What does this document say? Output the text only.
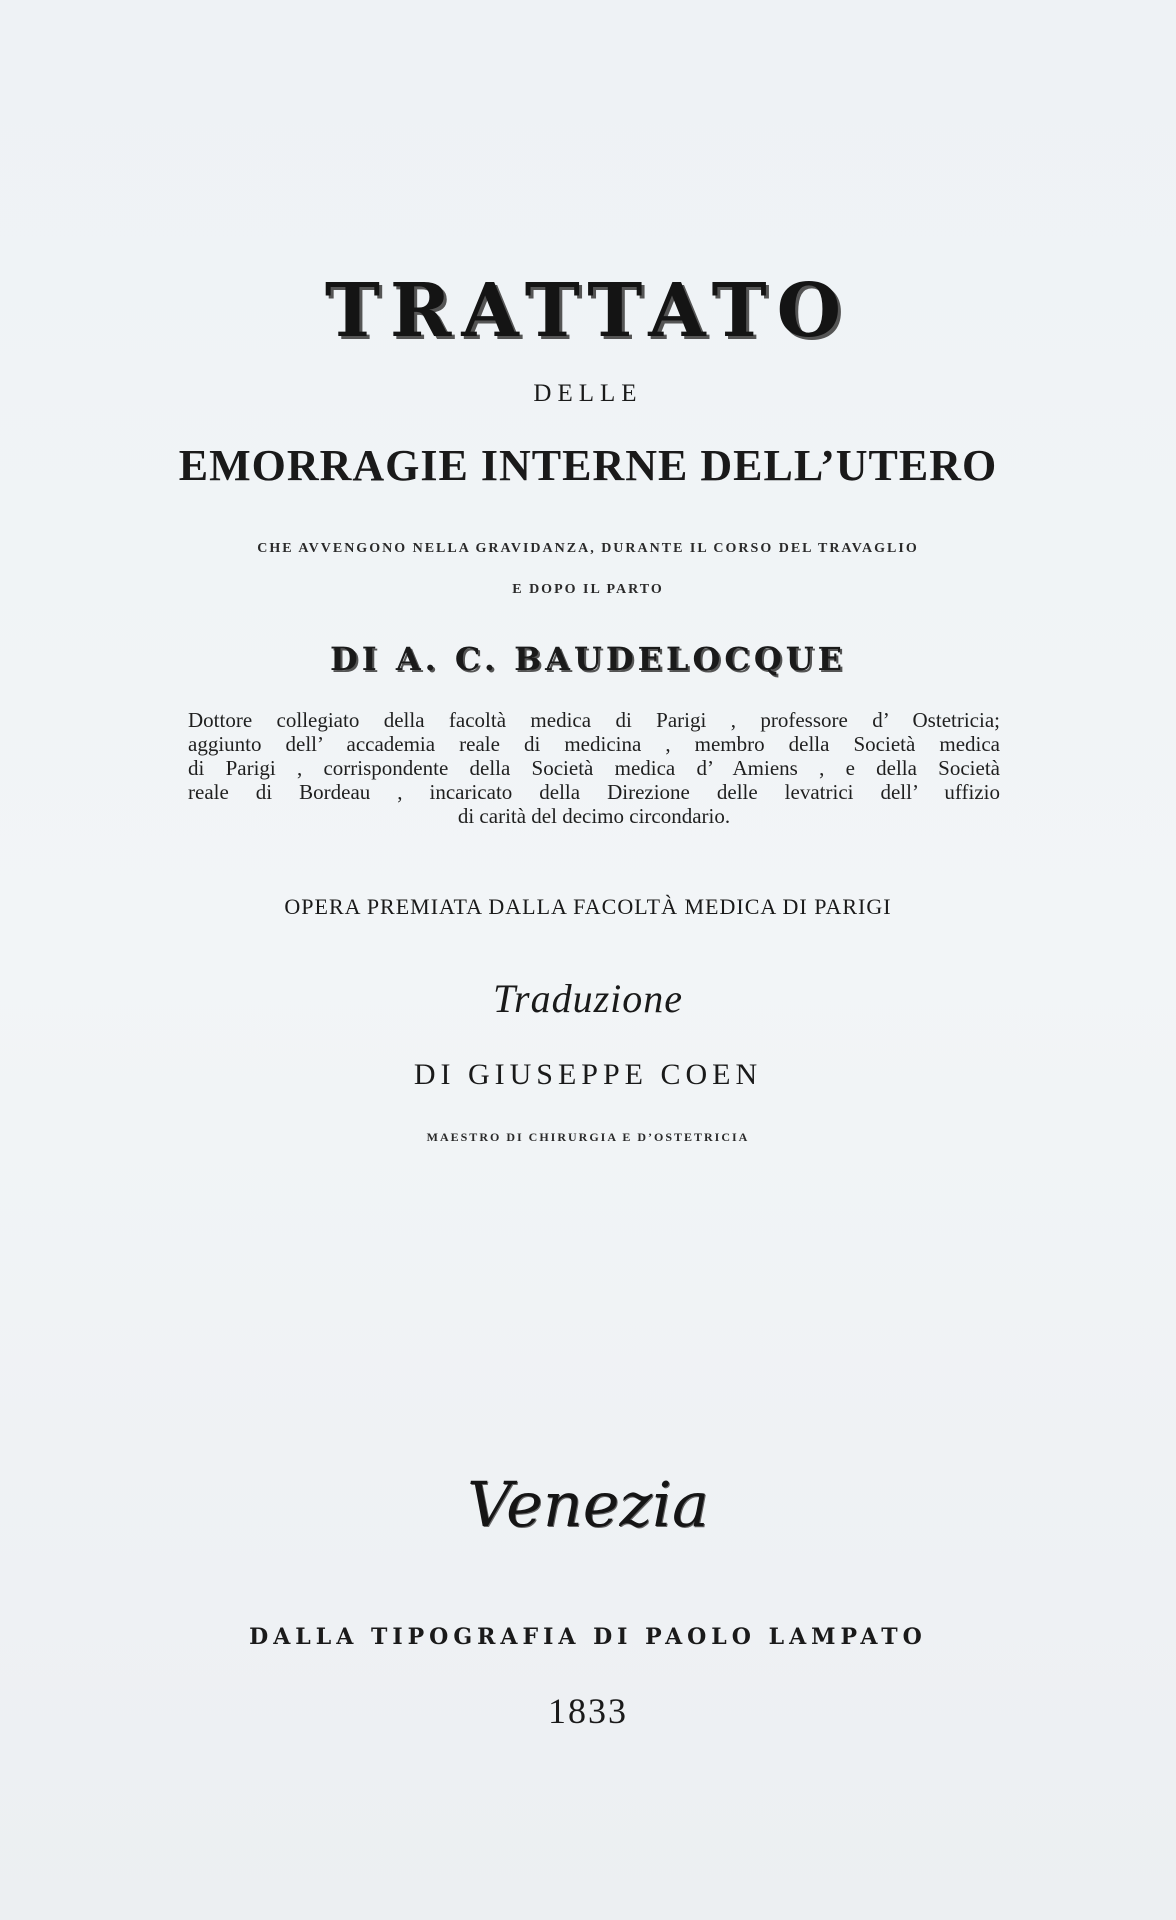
TRATTATO
DELLE
EMORRAGIE INTERNE DELL’UTERO
CHE AVVENGONO NELLA GRAVIDANZA, DURANTE IL CORSO DEL TRAVAGLIO
E DOPO IL PARTO
DI A. C. BAUDELOCQUE
Dottore collegiato della facoltà medica di Parigi , professore d’ Ostetricia;
aggiunto dell’ accademia reale di medicina , membro della Società medica
di Parigi , corrispondente della Società medica d’ Amiens , e della Società
reale di Bordeau , incaricato della Direzione delle levatrici dell’ uffizio
di carità del decimo circondario.
OPERA PREMIATA DALLA FACOLTÀ MEDICA DI PARIGI
Traduzione
DI GIUSEPPE COEN
MAESTRO DI CHIRURGIA E D’OSTETRICIA
Venezia
DALLA TIPOGRAFIA DI PAOLO LAMPATO
1833
